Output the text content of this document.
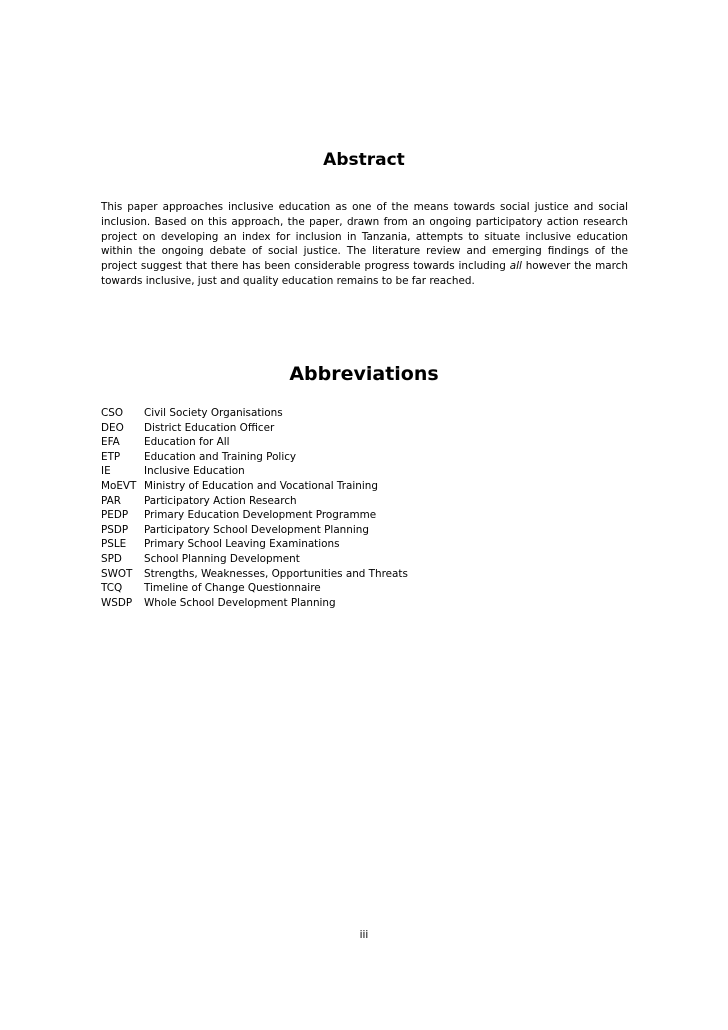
Abstract

This paper approaches inclusive education as one of the means towards social justice and social inclusion. Based on this approach, the paper, drawn from an ongoing participatory action research project on developing an index for inclusion in Tanzania, attempts to situate inclusive education within the ongoing debate of social justice. The literature review and emerging findings of the project suggest that there has been considerable progress towards including all however the march towards inclusive, just and quality education remains to be far reached.

Abbreviations
CSO	Civil Society Organisations
DEO	District Education Officer
EFA	Education for All
ETP	Education and Training Policy
IE	Inclusive Education
MoEVT Ministry of Education and Vocational Training
PAR	Participatory Action Research
PEDP	Primary Education Development Programme
PSDP	Participatory School Development Planning
PSLE	Primary School Leaving Examinations
SPD	School Planning Development
SWOT	Strengths, Weaknesses, Opportunities and Threats
TCQ	Timeline of Change Questionnaire
WSDP	Whole School Development Planning
iii
